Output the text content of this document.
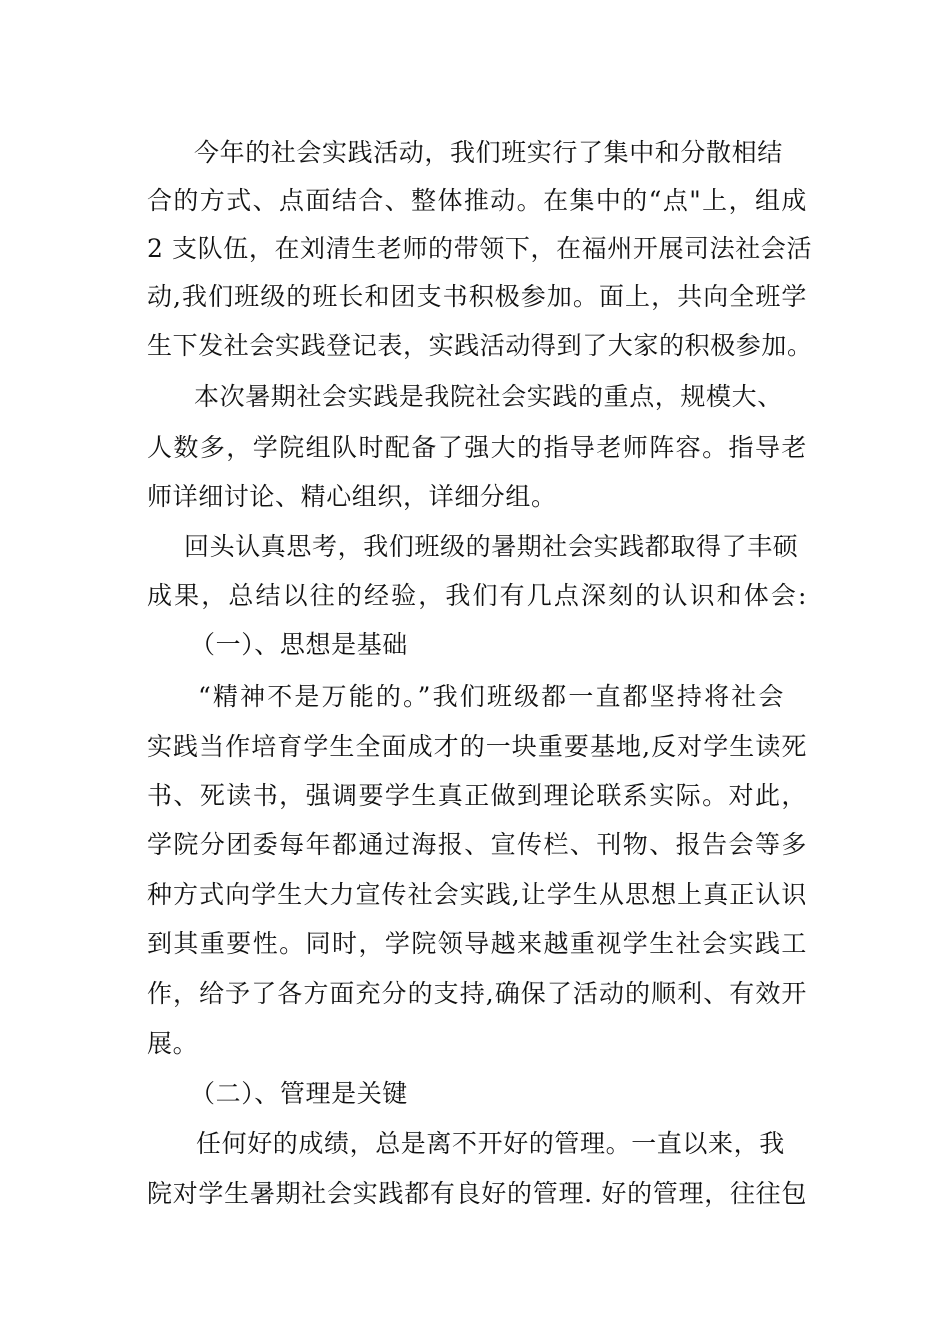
今年的社会实践活动，我们班实行了集中和分散相结
合的方式、点面结合、整体推动。在集中的“点"上，组成
2 支队伍，在刘清生老师的带领下，在福州开展司法社会活
动,我们班级的班长和团支书积极参加。面上，共向全班学
生下发社会实践登记表，实践活动得到了大家的积极参加。
本次暑期社会实践是我院社会实践的重点，规模大、
人数多，学院组队时配备了强大的指导老师阵容。指导老
师详细讨论、精心组织，详细分组。
回头认真思考，我们班级的暑期社会实践都取得了丰硕
成果，总结以往的经验，我们有几点深刻的认识和体会:
（一）、思想是基础
“精神不是万能的。”我们班级都一直都坚持将社会
实践当作培育学生全面成才的一块重要基地,反对学生读死
书、死读书，强调要学生真正做到理论联系实际。对此，
学院分团委每年都通过海报、宣传栏、刊物、报告会等多
种方式向学生大力宣传社会实践,让学生从思想上真正认识
到其重要性。同时，学院领导越来越重视学生社会实践工
作，给予了各方面充分的支持,确保了活动的顺利、有效开
展。
（二）、管理是关键
任何好的成绩，总是离不开好的管理。一直以来，我
院对学生暑期社会实践都有良好的管理. 好的管理，往往包
